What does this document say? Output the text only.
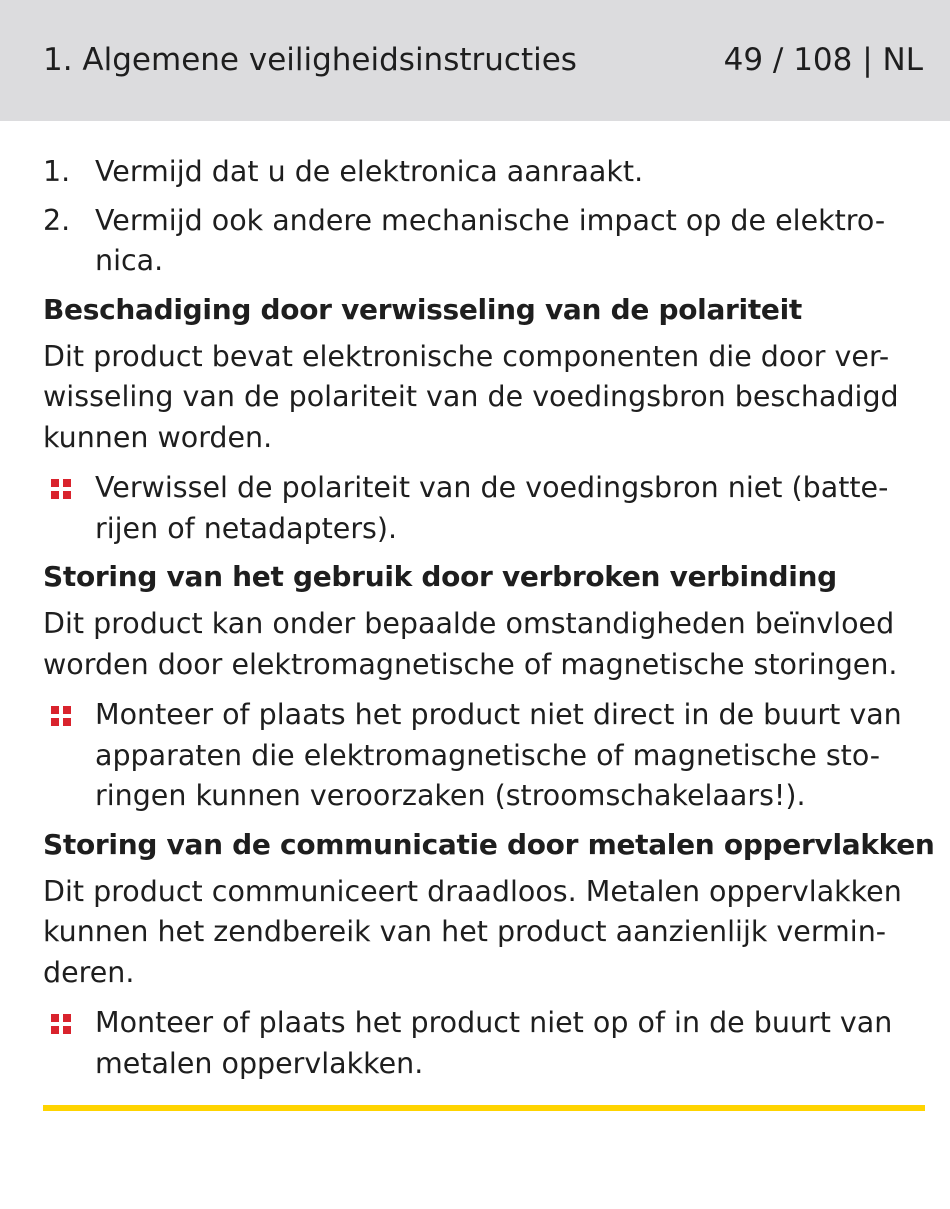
1. Algemene veiligheidsinstructies	49 / 108 | NL
1. Vermijd dat u de elektronica aanraakt.
2. Vermijd ook andere mechanische impact op de elektro-
nica.
Beschadiging door verwisseling van de polariteit
Dit product bevat elektronische componenten die door ver-
wisseling van de polariteit van de voedingsbron beschadigd
kunnen worden.
Verwissel de polariteit van de voedingsbron niet (batte-
rijen of netadapters).
Storing van het gebruik door verbroken verbinding
Dit product kan onder bepaalde omstandigheden beïnvloed
worden door elektromagnetische of magnetische storingen.
Monteer of plaats het product niet direct in de buurt van
apparaten die elektromagnetische of magnetische sto-
ringen kunnen veroorzaken (stroomschakelaars!).
Storing van de communicatie door metalen oppervlakken
Dit product communiceert draadloos. Metalen oppervlakken
kunnen het zendbereik van het product aanzienlijk vermin-
deren.
Monteer of plaats het product niet op of in de buurt van
metalen oppervlakken.
